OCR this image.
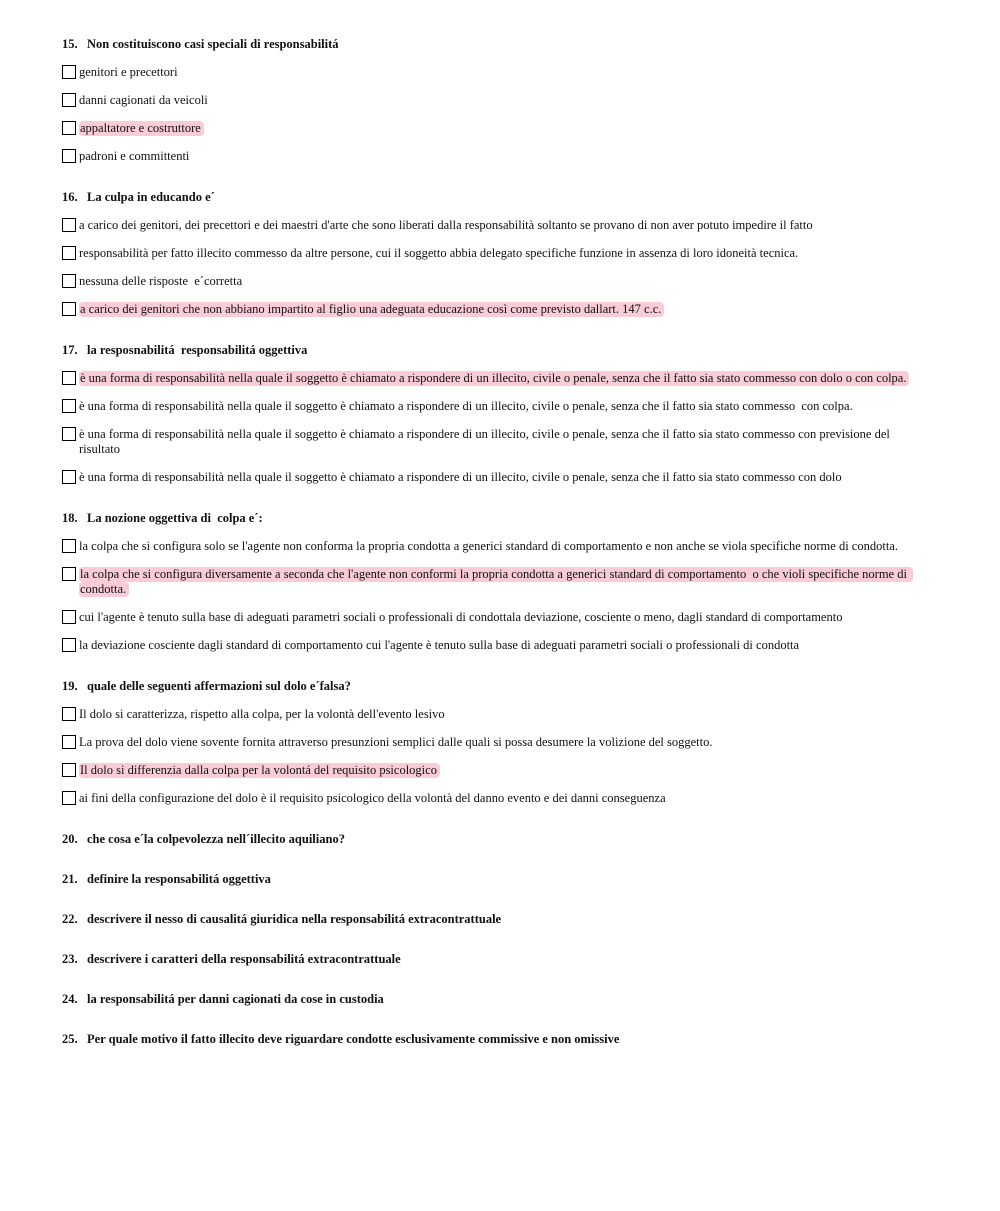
15. Non costituiscono casi speciali di responsabilitá
genitori e precettori
danni cagionati da veicoli
appaltatore e costruttore
padroni e committenti
16. La culpa in educando e´
a carico dei genitori, dei precettori e dei maestri d'arte che sono liberati dalla responsabilità soltanto se provano di non aver potuto impedire il fatto
responsabilità per fatto illecito commesso da altre persone, cui il soggetto abbia delegato specifiche funzione in assenza di loro idoneità tecnica.
nessuna delle risposte  e´corretta
a carico dei genitori che non abbiano impartito al figlio una adeguata educazione così come previsto dallart. 147 c.c.
17. la resposnabilitá  responsabilitá oggettiva
è una forma di responsabilità nella quale il soggetto è chiamato a rispondere di un illecito, civile o penale, senza che il fatto sia stato commesso con dolo o con colpa.
è una forma di responsabilità nella quale il soggetto è chiamato a rispondere di un illecito, civile o penale, senza che il fatto sia stato commesso  con colpa.
è una forma di responsabilità nella quale il soggetto è chiamato a rispondere di un illecito, civile o penale, senza che il fatto sia stato commesso con previsione del risultato
è una forma di responsabilità nella quale il soggetto è chiamato a rispondere di un illecito, civile o penale, senza che il fatto sia stato commesso con dolo
18. La nozione oggettiva di  colpa e´:
la colpa che si configura solo se l'agente non conforma la propria condotta a generici standard di comportamento e non anche se viola specifiche norme di condotta.
la colpa che si configura diversamente a seconda che l'agente non conformi la propria condotta a generici standard di comportamento  o che violi specifiche norme di condotta.
cui l'agente è tenuto sulla base di adeguati parametri sociali o professionali di condottala deviazione, cosciente o meno, dagli standard di comportamento
la deviazione cosciente dagli standard di comportamento cui l'agente è tenuto sulla base di adeguati parametri sociali o professionali di condotta
19. quale delle seguenti affermazioni sul dolo e´falsa?
Il dolo si caratterizza, rispetto alla colpa, per la volontà dell'evento lesivo
La prova del dolo viene sovente fornita attraverso presunzioni semplici dalle quali si possa desumere la volizione del soggetto.
Il dolo si differenzia dalla colpa per la volontá del requisito psicologico
ai fini della configurazione del dolo è il requisito psicologico della volontà del danno evento e dei danni conseguenza
20. che cosa e´la colpevolezza nell´illecito aquiliano?
21. definire la responsabilitá oggettiva
22. descrivere il nesso di causalitá giuridica nella responsabilitá extracontrattuale
23. descrivere i caratteri della responsabilitá extracontrattuale
24. la responsabilitá per danni cagionati da cose in custodia
25. Per quale motivo il fatto illecito deve riguardare condotte esclusivamente commissive e non omissive
